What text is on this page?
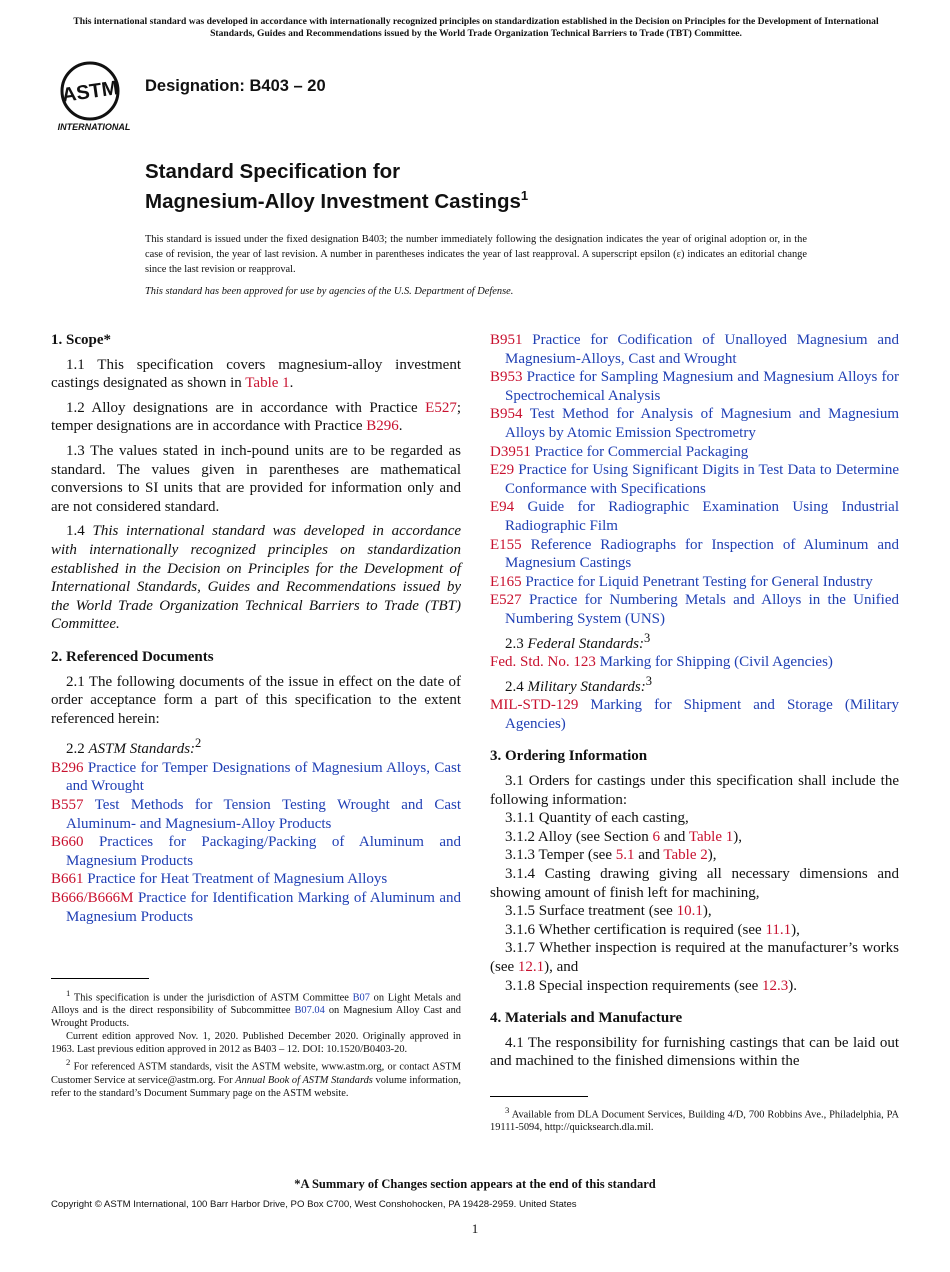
This international standard was developed in accordance with internationally recognized principles on standardization established in the Decision on Principles for the Development of International Standards, Guides and Recommendations issued by the World Trade Organization Technical Barriers to Trade (TBT) Committee.
ASTM
INTERNATIONAL
Designation: B403 – 20
Standard Specification for
Magnesium-Alloy Investment Castings$^1$
This standard is issued under the fixed designation B403; the number immediately following the designation indicates the year of original adoption or, in the case of revision, the year of last revision. A number in parentheses indicates the year of last reapproval. A superscript epsilon (ε) indicates an editorial change since the last revision or reapproval.
This standard has been approved for use by agencies of the U.S. Department of Defense.
1. Scope*

1.1 This specification covers magnesium-alloy investment castings designated as shown in Table 1.

1.2 Alloy designations are in accordance with Practice E527; temper designations are in accordance with Practice B296.

1.3 The values stated in inch-pound units are to be regarded as standard. The values given in parentheses are mathematical conversions to SI units that are provided for information only and are not considered standard.

1.4 This international standard was developed in accordance with internationally recognized principles on standardization established in the Decision on Principles for the Development of International Standards, Guides and Recommendations issued by the World Trade Organization Technical Barriers to Trade (TBT) Committee.

2. Referenced Documents

2.1 The following documents of the issue in effect on the date of order acceptance form a part of this specification to the extent referenced herein:

2.2 ASTM Standards:$^2$
B296 Practice for Temper Designations of Magnesium Alloys, Cast and Wrought
B557 Test Methods for Tension Testing Wrought and Cast Aluminum- and Magnesium-Alloy Products
B660 Practices for Packaging/Packing of Aluminum and Magnesium Products
B661 Practice for Heat Treatment of Magnesium Alloys
B666/B666M Practice for Identification Marking of Aluminum and Magnesium Products

$^1$ This specification is under the jurisdiction of ASTM Committee B07 on Light Metals and Alloys and is the direct responsibility of Subcommittee B07.04 on Magnesium Alloy Cast and Wrought Products.

Current edition approved Nov. 1, 2020. Published December 2020. Originally approved in 1963. Last previous edition approved in 2012 as B403 – 12. DOI: 10.1520/B0403-20.

$^2$ For referenced ASTM standards, visit the ASTM website, www.astm.org, or contact ASTM Customer Service at service@astm.org. For Annual Book of ASTM Standards volume information, refer to the standard’s Document Summary page on the ASTM website.

B951 Practice for Codification of Unalloyed Magnesium and Magnesium-Alloys, Cast and Wrought
B953 Practice for Sampling Magnesium and Magnesium Alloys for Spectrochemical Analysis
B954 Test Method for Analysis of Magnesium and Magnesium Alloys by Atomic Emission Spectrometry
D3951 Practice for Commercial Packaging
E29 Practice for Using Significant Digits in Test Data to Determine Conformance with Specifications
E94 Guide for Radiographic Examination Using Industrial Radiographic Film
E155 Reference Radiographs for Inspection of Aluminum and Magnesium Castings
E165 Practice for Liquid Penetrant Testing for General Industry
E527 Practice for Numbering Metals and Alloys in the Unified Numbering System (UNS)
2.3 Federal Standards:$^3$
Fed. Std. No. 123 Marking for Shipping (Civil Agencies)
2.4 Military Standards:$^3$
MIL-STD-129 Marking for Shipment and Storage (Military Agencies)
3. Ordering Information

3.1 Orders for castings under this specification shall include the following information:

3.1.1 Quantity of each casting,
3.1.2 Alloy (see Section 6 and Table 1),
3.1.3 Temper (see 5.1 and Table 2),
3.1.4 Casting drawing giving all necessary dimensions and showing amount of finish left for machining,
3.1.5 Surface treatment (see 10.1),
3.1.6 Whether certification is required (see 11.1),
3.1.7 Whether inspection is required at the manufacturer’s works (see 12.1), and
3.1.8 Special inspection requirements (see 12.3).
4. Materials and Manufacture

4.1 The responsibility for furnishing castings that can be laid out and machined to the finished dimensions within the

$^3$ Available from DLA Document Services, Building 4/D, 700 Robbins Ave., Philadelphia, PA 19111-5094, http://quicksearch.dla.mil.

*A Summary of Changes section appears at the end of this standard
Copyright © ASTM International, 100 Barr Harbor Drive, PO Box C700, West Conshohocken, PA 19428-2959. United States
1
